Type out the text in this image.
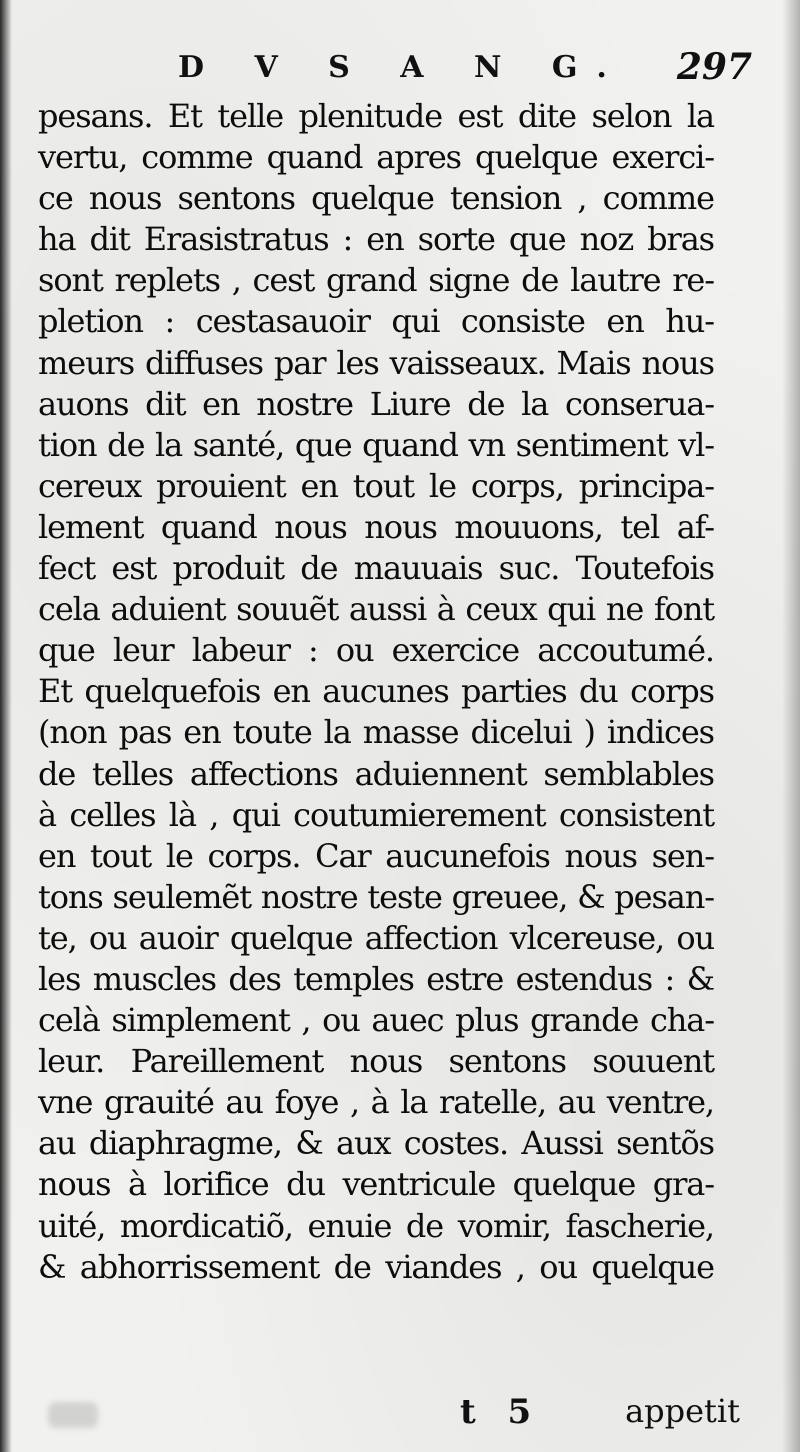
D V S A N G. 297
pesans. Et telle plenitude est dite selon la
vertu, comme quand apres quelque exerci-
ce nous sentons quelque tension , comme
ha dit Erasistratus : en sorte que noz bras
sont replets , cest grand signe de lautre re-
pletion : cestasauoir qui consiste en hu-
meurs diffuses par les vaisseaux. Mais nous
auons dit en nostre Liure de la conserua-
tion de la santé, que quand vn sentiment vl-
cereux prouient en tout le corps, principa-
lement quand nous nous mouuons, tel af-
fect est produit de mauuais suc. Toutefois
cela aduient souuẽt aussi à ceux qui ne font
que leur labeur : ou exercice accoutumé.
Et quelquefois en aucunes parties du corps
(non pas en toute la masse dicelui ) indices
de telles affections aduiennent semblables
à celles là , qui coutumierement consistent
en tout le corps. Car aucunefois nous sen-
tons seulemẽt nostre teste greuee, & pesan-
te, ou auoir quelque affection vlcereuse, ou
les muscles des temples estre estendus : &
celà simplement , ou auec plus grande cha-
leur. Pareillement nous sentons souuent
vne grauité au foye , à la ratelle, au ventre,
au diaphragme, & aux costes. Aussi sentõs
nous à lorifice du ventricule quelque gra-
uité, mordicatiõ, enuie de vomir, fascherie,
& abhorrissement de viandes , ou quelque
t 5	appetit
